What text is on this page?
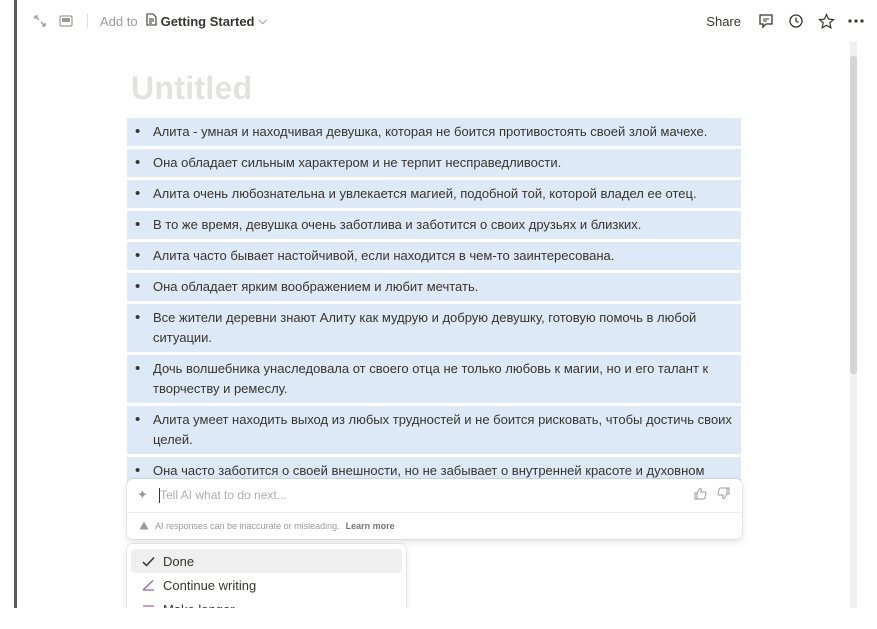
Add to Getting Started ⌵	Share
Untitled
• Алита - умная и находчивая девушка, которая не боится противостоять своей злой мачехе.
• Она обладает сильным характером и не терпит несправедливости.
• Алита очень любознательна и увлекается магией, подобной той, которой владел ее отец.
• В то же время, девушка очень заботлива и заботится о своих друзьях и близких.
• Алита часто бывает настойчивой, если находится в чем-то заинтересована.
• Она обладает ярким воображением и любит мечтать.
• Все жители деревни знают Алиту как мудрую и добрую девушку, готовую помочь в любой ситуации.
• Дочь волшебника унаследовала от своего отца не только любовь к магии, но и его талант к творчеству и ремеслу.
• Алита умеет находить выход из любых трудностей и не боится рисковать, чтобы достичь своих целей.
• Она часто заботится о своей внешности, но не забывает о внутренней красоте и духовном
✦
Tell AI what to do next...
AI responses can be inaccurate or misleading. Learn more
Done
Continue writing
